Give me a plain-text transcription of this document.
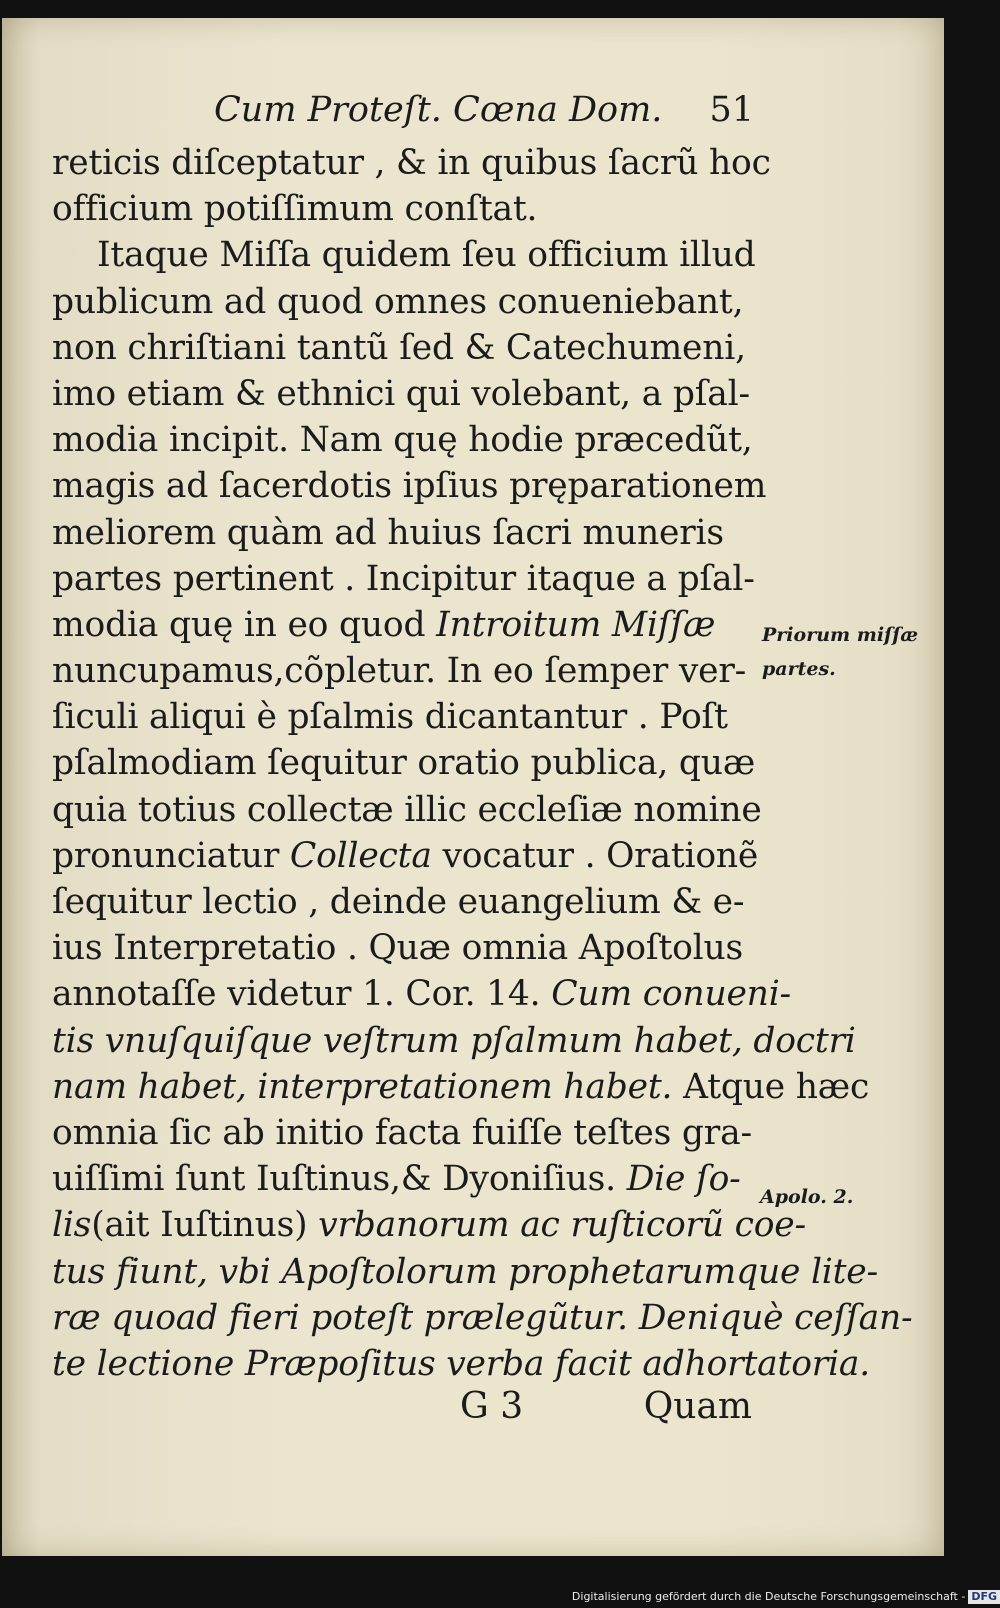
Cum Proteſt. Cœna Dom. 51
reticis diſceptatur , & in quibus ſacrũ hoc
officium potiſſimum conſtat.
Itaque Miſſa quidem ſeu officium illud
publicum ad quod omnes conueniebant,
non chriſtiani tantũ ſed & Catechumeni,
imo etiam & ethnici qui volebant, a pſal-
modia incipit. Nam quę hodie præcedũt,
magis ad ſacerdotis ipſius pręparationem
meliorem quàm ad huius ſacri muneris
partes pertinent . Incipitur itaque a pſal-
modia quę in eo quod Introitum Miſſæ
nuncupamus,cõpletur. In eo ſemper ver-
ſiculi aliqui è pſalmis dicantantur . Poſt
pſalmodiam ſequitur oratio publica, quæ
quia totius collectæ illic eccleſiæ nomine
pronunciatur Collecta vocatur . Orationẽ
ſequitur lectio , deinde euangelium & e-
ius Interpretatio . Quæ omnia Apoſtolus
annotaſſe videtur 1. Cor. 14. Cum conueni-
tis vnuſquiſque veſtrum pſalmum habet, doctri
nam habet, interpretationem habet. Atque hæc
omnia ſic ab initio facta fuiſſe teſtes gra-
uiſſimi ſunt Iuſtinus,& Dyoniſius. Die ſo-
lis(ait Iuſtinus) vrbanorum ac ruſticorũ coe-
tus fiunt, vbi Apoſtolorum prophetarumque lite-
ræ quoad fieri poteſt prælegũtur. Deniquè ceſſan-
te lectione Præpoſitus verba facit adhortatoria.
Priorum miſſæ
partes.
Apolo. 2.
G 3	Quam
Digitalisierung gefördert durch die Deutsche Forschungsgemeinschaft - DFG
